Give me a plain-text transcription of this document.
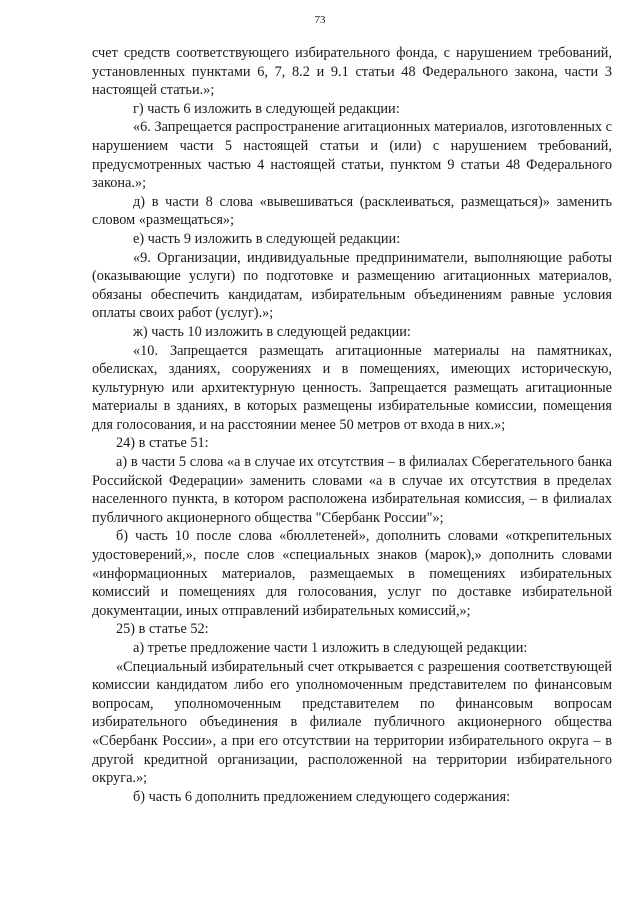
73

счет средств соответствующего избирательного фонда, с нарушением требований, установленных пунктами 6, 7, 8.2 и 9.1 статьи 48 Федерального закона, части 3 настоящей статьи.»;

г) часть 6 изложить в следующей редакции:

«6. Запрещается распространение агитационных материалов, изготовленных с нарушением части 5 настоящей статьи и (или) с нарушением требований, предусмотренных частью 4 настоящей статьи, пунктом 9 статьи 48 Федерального закона.»;

д) в части 8 слова «вывешиваться (расклеиваться, размещаться)» заменить словом «размещаться»;

е) часть 9 изложить в следующей редакции:

«9. Организации, индивидуальные предприниматели, выполняющие работы (оказывающие услуги) по подготовке и размещению агитационных материалов, обязаны обеспечить кандидатам, избирательным объединениям равные условия оплаты своих работ (услуг).»;

ж) часть 10 изложить в следующей редакции:

«10. Запрещается размещать агитационные материалы на памятниках, обелисках, зданиях, сооружениях и в помещениях, имеющих историческую, культурную или архитектурную ценность. Запрещается размещать агитационные материалы в зданиях, в которых размещены избирательные комиссии, помещения для голосования, и на расстоянии менее 50 метров от входа в них.»;

24) в статье 51:

а) в части 5 слова «а в случае их отсутствия – в филиалах Сберегательного банка Российской Федерации» заменить словами «а в случае их отсутствия в пределах населенного пункта, в котором расположена избирательная комиссия, – в филиалах публичного акционерного общества "Сбербанк России"»;

б) часть 10 после слова «бюллетеней», дополнить словами «открепительных удостоверений,», после слов «специальных знаков (марок),» дополнить словами «информационных материалов, размещаемых в помещениях избирательных комиссий и помещениях для голосования, услуг по доставке избирательной документации, иных отправлений избирательных комиссий,»;

25) в статье 52:

а) третье предложение части 1 изложить в следующей редакции:

«Специальный избирательный счет открывается с разрешения соответствующей комиссии кандидатом либо его уполномоченным представителем по финансовым вопросам, уполномоченным представителем по финансовым вопросам избирательного объединения в филиале публичного акционерного общества «Сбербанк России», а при его отсутствии на территории избирательного округа – в другой кредитной организации, расположенной на территории избирательного округа.»;

б) часть 6 дополнить предложением следующего содержания:
